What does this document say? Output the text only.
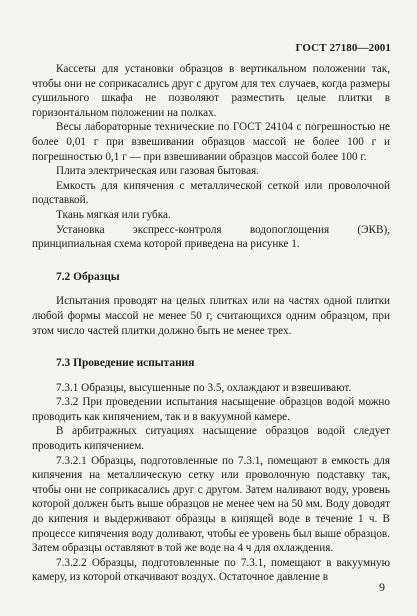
ГОСТ 27180—2001

Кассеты для установки образцов в вертикальном положении так, чтобы они не соприкасались друг с другом для тех случаев, когда размеры сушильного шкафа не позволяют разместить целые плитки в горизонтальном положении на полках.

Весы лабораторные технические по ГОСТ 24104 с погрешностью не более 0,01 г при взвешивании образцов массой не более 100 г и погрешностью 0,1 г — при взвешивании образцов массой более 100 г.

Плита электрическая или газовая бытовая.

Емкость для кипячения с металлической сеткой или проволочной подставкой.

Ткань мягкая или губка.

Установка экспресс-контроля водопоглощения (ЭКВ), принципиальная схема которой приведена на рисунке 1.

7.2 Образцы

Испытания проводят на целых плитках или на частях одной плитки любой формы массой не менее 50 г, считающихся одним образцом, при этом число частей плитки должно быть не менее трех.

7.3 Проведение испытания

7.3.1 Образцы, высушенные по 3.5, охлаждают и взвешивают.

7.3.2 При проведении испытания насыщение образцов водой можно проводить как кипячением, так и в вакуумной камере.

В арбитражных ситуациях насыщение образцов водой следует проводить кипячением.

7.3.2.1 Образцы, подготовленные по 7.3.1, помещают в емкость для кипячения на металлическую сетку или проволочную подставку так, чтобы они не соприкасались друг с другом. Затем наливают воду, уровень которой должен быть выше образцов не менее чем на 50 мм. Воду доводят до кипения и выдерживают образцы в кипящей воде в течение 1 ч. В процессе кипячения воду доливают, чтобы ее уровень был выше образцов. Затем образцы оставляют в той же воде на 4 ч для охлаждения.

7.3.2.2 Образцы, подготовленные по 7.3.1, помещают в вакуумную камеру, из которой откачивают воздух. Остаточное давление в

9
